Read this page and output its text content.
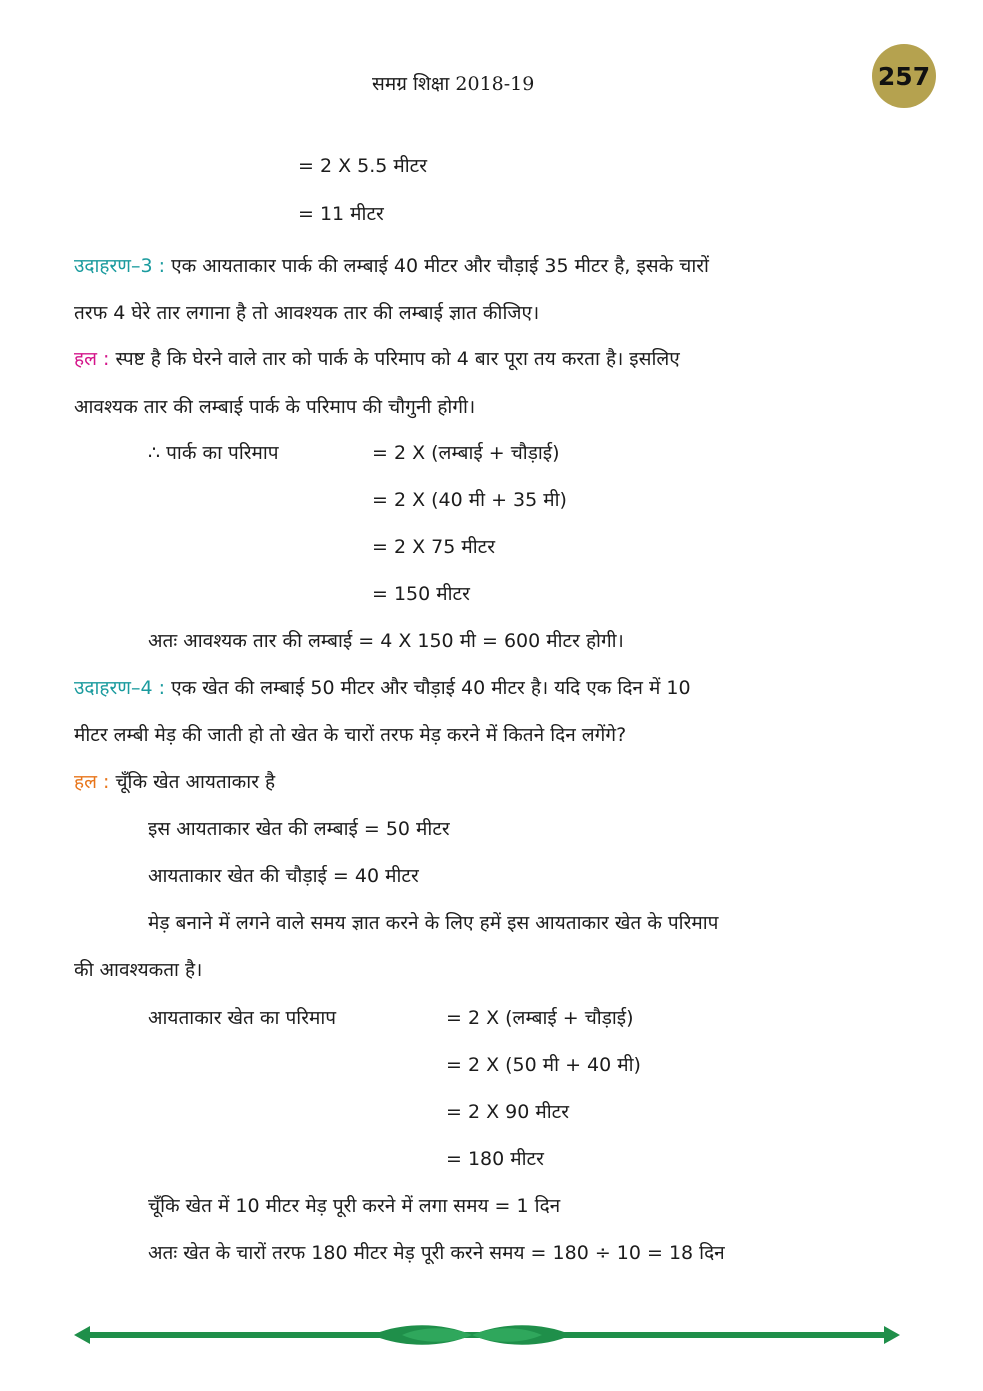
समग्र शिक्षा 2018-19	257
= 2 X 5.5 मीटर
= 11 मीटर
उदाहरण–3 : एक आयताकार पार्क की लम्बाई 40 मीटर और चौड़ाई 35 मीटर है, इसके चारों
तरफ 4 घेरे तार लगाना है तो आवश्यक तार की लम्बाई ज्ञात कीजिए।
हल : स्पष्ट है कि घेरने वाले तार को पार्क के परिमाप को 4 बार पूरा तय करता है। इसलिए
आवश्यक तार की लम्बाई पार्क के परिमाप की चौगुनी होगी।
∴ पार्क का परिमाप	= 2 X (लम्बाई + चौड़ाई)
= 2 X (40 मी + 35 मी)
= 2 X 75 मीटर
= 150 मीटर
अतः आवश्यक तार की लम्बाई = 4 X 150 मी = 600 मीटर होगी।
उदाहरण–4 : एक खेत की लम्बाई 50 मीटर और चौड़ाई 40 मीटर है। यदि एक दिन में 10
मीटर लम्बी मेड़ की जाती हो तो खेत के चारों तरफ मेड़ करने में कितने दिन लगेंगे?
हल : चूँकि खेत आयताकार है
इस आयताकार खेत की लम्बाई = 50 मीटर
आयताकार खेत की चौड़ाई = 40 मीटर
मेड़ बनाने में लगने वाले समय ज्ञात करने के लिए हमें इस आयताकार खेत के परिमाप
की आवश्यकता है।
आयताकार खेत का परिमाप	= 2 X (लम्बाई + चौड़ाई)
= 2 X (50 मी + 40 मी)
= 2 X 90 मीटर
= 180 मीटर
चूँकि खेत में 10 मीटर मेड़ पूरी करने में लगा समय = 1 दिन
अतः खेत के चारों तरफ 180 मीटर मेड़ पूरी करने समय = 180 ÷ 10 = 18 दिन
